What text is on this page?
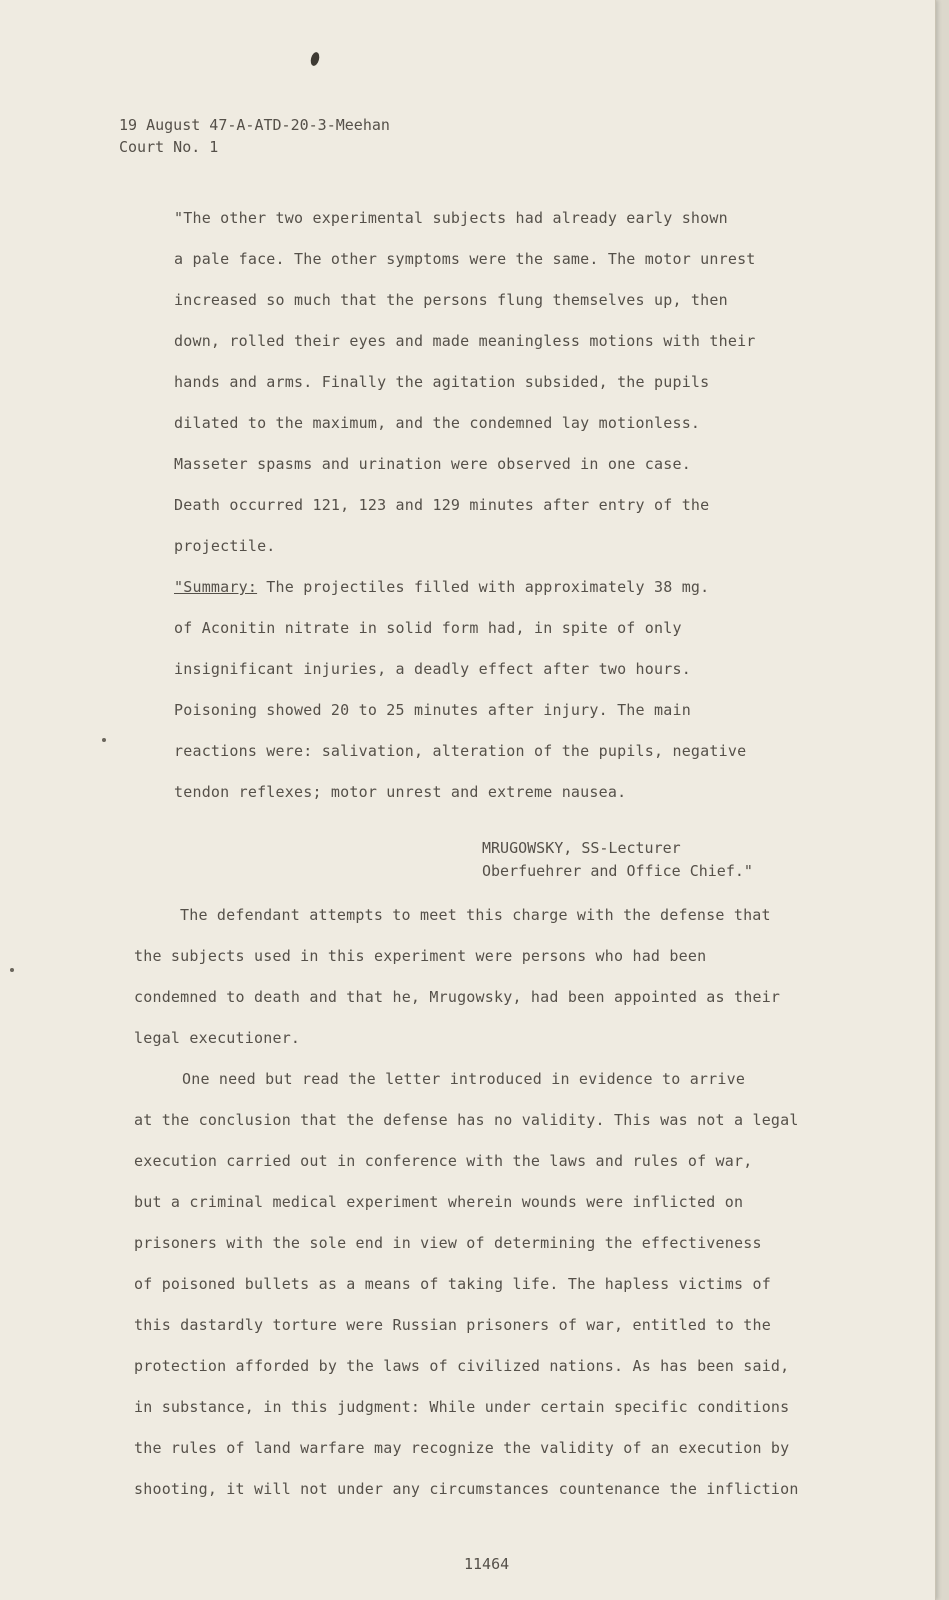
19 August 47-A-ATD-20-3-Meehan
Court No. 1
"The other two experimental subjects had already early shown
a pale face. The other symptoms were the same. The motor unrest
increased so much that the persons flung themselves up, then
down, rolled their eyes and made meaningless motions with their
hands and arms. Finally the agitation subsided, the pupils
dilated to the maximum, and the condemned lay motionless.
Masseter spasms and urination were observed in one case.
Death occurred 121, 123 and 129 minutes after entry of the
projectile.
"Summary: The projectiles filled with approximately 38 mg.
of Aconitin nitrate in solid form had, in spite of only
insignificant injuries, a deadly effect after two hours.
Poisoning showed 20 to 25 minutes after injury. The main
reactions were: salivation, alteration of the pupils, negative
tendon reflexes; motor unrest and extreme nausea.
MRUGOWSKY, SS-Lecturer
Oberfuehrer and Office Chief."
The defendant attempts to meet this charge with the defense that
the subjects used in this experiment were persons who had been
condemned to death and that he, Mrugowsky, had been appointed as their
legal executioner.
One need but read the letter introduced in evidence to arrive
at the conclusion that the defense has no validity. This was not a legal
execution carried out in conference with the laws and rules of war,
but a criminal medical experiment wherein wounds were inflicted on
prisoners with the sole end in view of determining the effectiveness
of poisoned bullets as a means of taking life. The hapless victims of
this dastardly torture were Russian prisoners of war, entitled to the
protection afforded by the laws of civilized nations. As has been said,
in substance, in this judgment: While under certain specific conditions
the rules of land warfare may recognize the validity of an execution by
shooting, it will not under any circumstances countenance the infliction
11464
